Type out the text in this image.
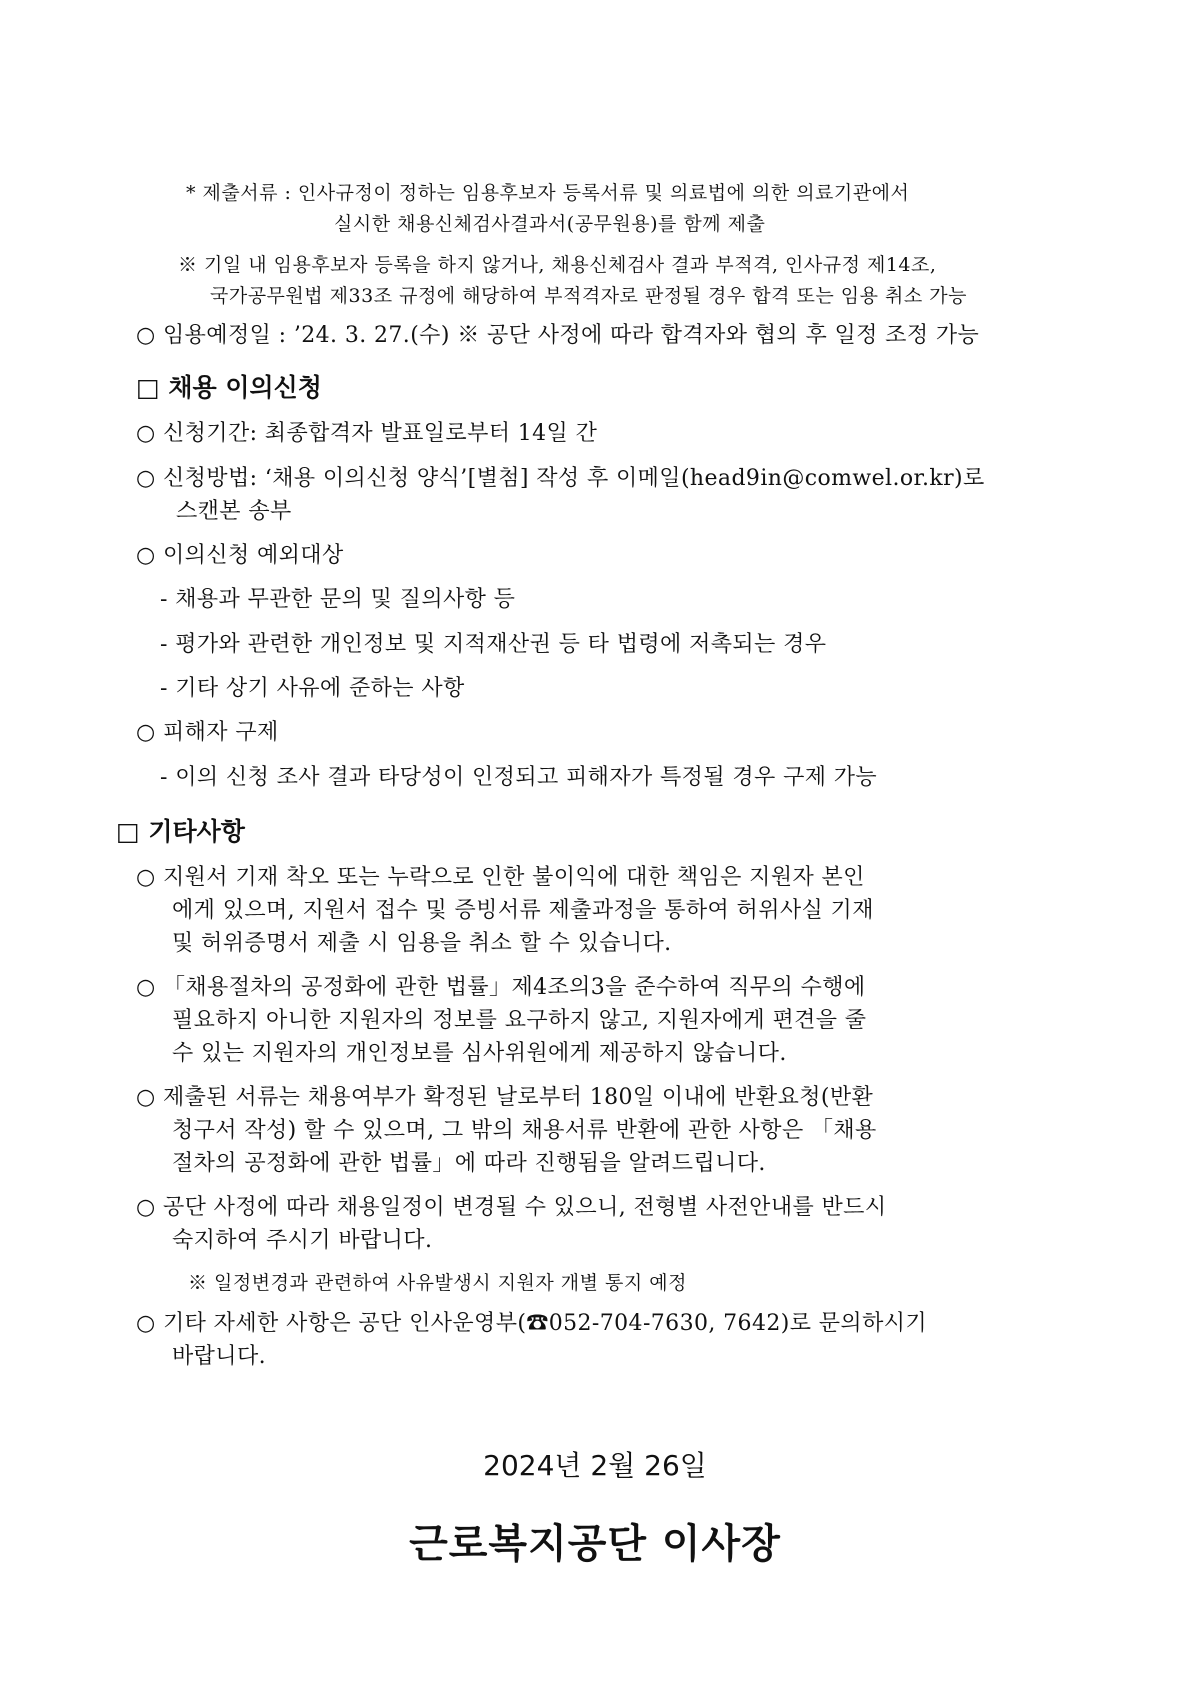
* 제출서류 : 인사규정이 정하는 임용후보자 등록서류 및 의료법에 의한 의료기관에서
실시한 채용신체검사결과서(공무원용)를 함께 제출
※ 기일 내 임용후보자 등록을 하지 않거나, 채용신체검사 결과 부적격, 인사규정 제14조,
국가공무원법 제33조 규정에 해당하여 부적격자로 판정될 경우 합격 또는 임용 취소 가능
○ 임용예정일 : ’24. 3. 27.(수) ※ 공단 사정에 따라 합격자와 협의 후 일정 조정 가능
□ 채용 이의신청
○ 신청기간: 최종합격자 발표일로부터 14일 간
○ 신청방법: ‘채용 이의신청 양식’[별첨] 작성 후 이메일(head9in@comwel.or.kr)로
스캔본 송부
○ 이의신청 예외대상
- 채용과 무관한 문의 및 질의사항 등
- 평가와 관련한 개인정보 및 지적재산권 등 타 법령에 저촉되는 경우
- 기타 상기 사유에 준하는 사항
○ 피해자 구제
- 이의 신청 조사 결과 타당성이 인정되고 피해자가 특정될 경우 구제 가능
□ 기타사항
○ 지원서 기재 착오 또는 누락으로 인한 불이익에 대한 책임은 지원자 본인
에게 있으며, 지원서 접수 및 증빙서류 제출과정을 통하여 허위사실 기재
및 허위증명서 제출 시 임용을 취소 할 수 있습니다.
○ 「채용절차의 공정화에 관한 법률」제4조의3을 준수하여 직무의 수행에
필요하지 아니한 지원자의 정보를 요구하지 않고, 지원자에게 편견을 줄
수 있는 지원자의 개인정보를 심사위원에게 제공하지 않습니다.
○ 제출된 서류는 채용여부가 확정된 날로부터 180일 이내에 반환요청(반환
청구서 작성) 할 수 있으며, 그 밖의 채용서류 반환에 관한 사항은 「채용
절차의 공정화에 관한 법률」에 따라 진행됨을 알려드립니다.
○ 공단 사정에 따라 채용일정이 변경될 수 있으니, 전형별 사전안내를 반드시
숙지하여 주시기 바랍니다.
※ 일정변경과 관련하여 사유발생시 지원자 개별 통지 예정
○ 기타 자세한 사항은 공단 인사운영부(☎052-704-7630, 7642)로 문의하시기
바랍니다.
2024년 2월 26일
근로복지공단 이사장
